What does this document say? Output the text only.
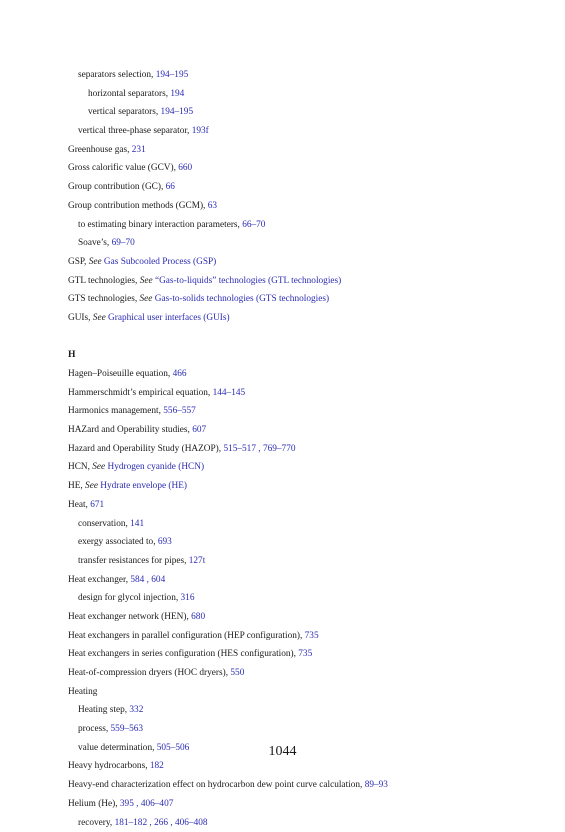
separators selection, 194–195
horizontal separators, 194
vertical separators, 194–195
vertical three-phase separator, 193f
Greenhouse gas, 231
Gross calorific value (GCV), 660
Group contribution (GC), 66
Group contribution methods (GCM), 63
to estimating binary interaction parameters, 66–70
Soave’s, 69–70
GSP, See Gas Subcooled Process (GSP)
GTL technologies, See “Gas-to-liquids” technologies (GTL technologies)
GTS technologies, See Gas-to-solids technologies (GTS technologies)
GUIs, See Graphical user interfaces (GUIs)
H
Hagen–Poiseuille equation, 466
Hammerschmidt’s empirical equation, 144–145
Harmonics management, 556–557
HAZard and Operability studies, 607
Hazard and Operability Study (HAZOP), 515–517 , 769–770
HCN, See Hydrogen cyanide (HCN)
HE, See Hydrate envelope (HE)
Heat, 671
conservation, 141
exergy associated to, 693
transfer resistances for pipes, 127t
Heat exchanger, 584 , 604
design for glycol injection, 316
Heat exchanger network (HEN), 680
Heat exchangers in parallel configuration (HEP configuration), 735
Heat exchangers in series configuration (HES configuration), 735
Heat-of-compression dryers (HOC dryers), 550
Heating
Heating step, 332
process, 559–563
value determination, 505–506
Heavy hydrocarbons, 182
Heavy-end characterization effect on hydrocarbon dew point curve calculation, 89–93
Helium (He), 395 , 406–407
recovery, 181–182 , 266 , 406–408
1044
